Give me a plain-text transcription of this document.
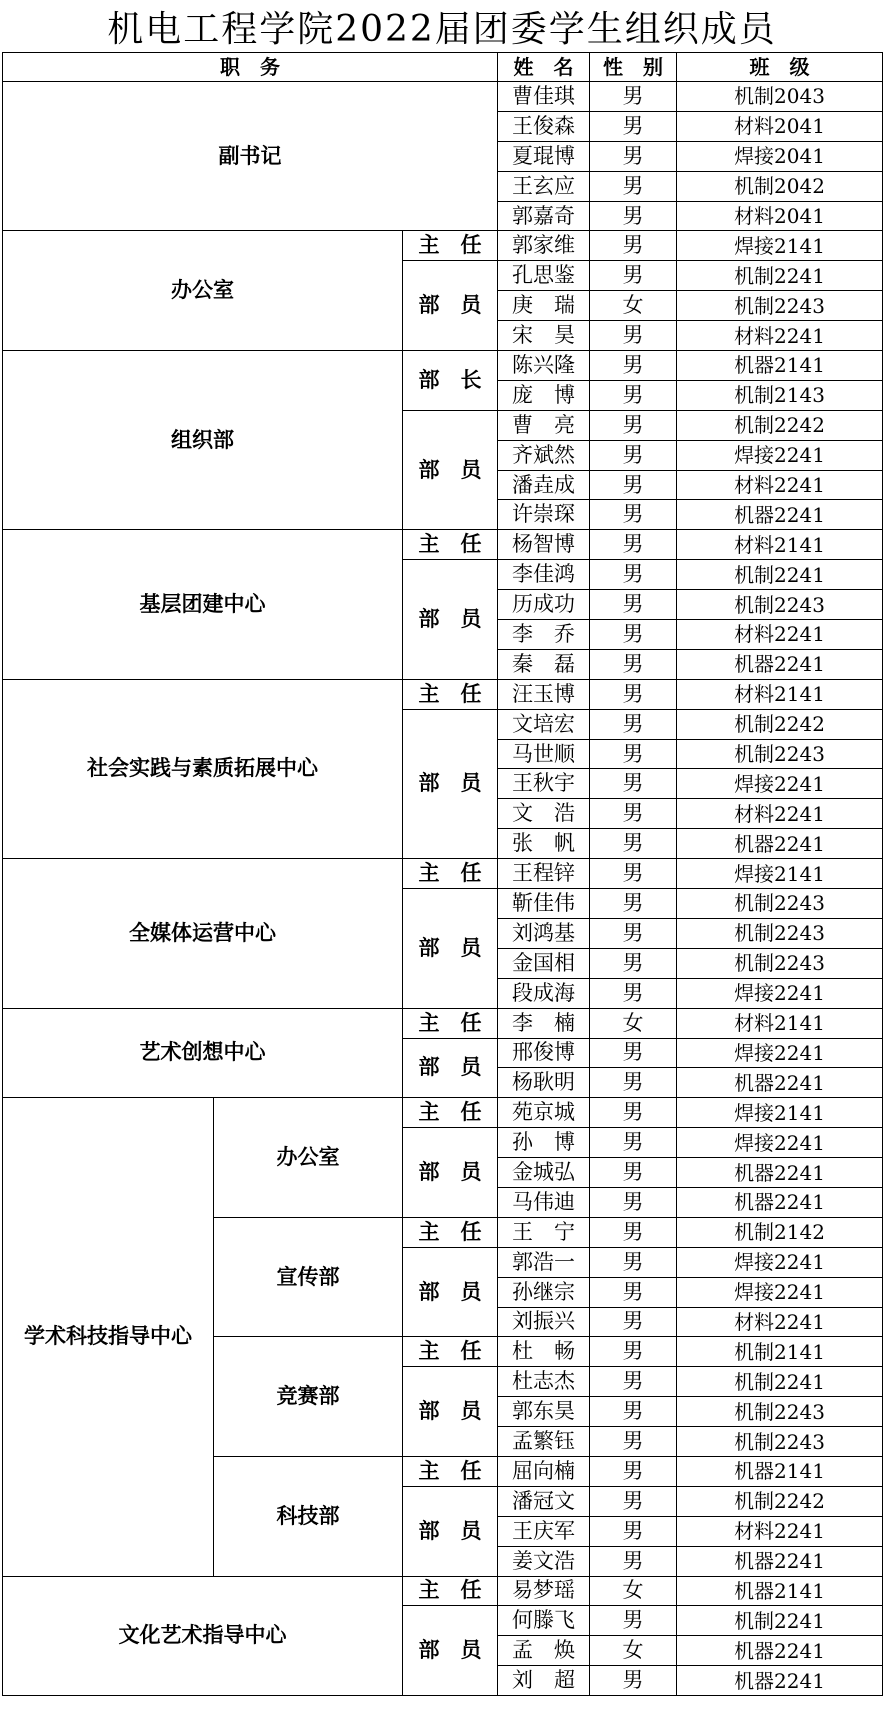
机电工程学院2022届团委学生组织成员
职　务			姓　名	性　别	班　级
副书记			曹佳琪	男	机制2043
			王俊森	男	材料2041
			夏琨博	男	焊接2041
			王玄应	男	机制2042
			郭嘉奇	男	材料2041
办公室		主　任	郭家维	男	焊接2141
		部　员	孔思鉴	男	机制2241
			庚　瑞	女	机制2243
			宋　昊	男	材料2241
组织部		部　长	陈兴隆	男	机器2141
			庞　博	男	机制2143
		部　员	曹　亮	男	机制2242
			齐斌然	男	焊接2241
			潘垚成	男	材料2241
			许崇琛	男	机器2241
基层团建中心		主　任	杨智博	男	材料2141
		部　员	李佳鸿	男	机制2241
			历成功	男	机制2243
			李　乔	男	材料2241
			秦　磊	男	机器2241
社会实践与素质拓展中心		主　任	汪玉博	男	材料2141
		部　员	文培宏	男	机制2242
			马世顺	男	机制2243
			王秋宇	男	焊接2241
			文　浩	男	材料2241
			张　帆	男	机器2241
全媒体运营中心		主　任	王程锌	男	焊接2141
		部　员	靳佳伟	男	机制2243
			刘鸿基	男	机制2243
			金国相	男	机制2243
			段成海	男	焊接2241
艺术创想中心		主　任	李　楠	女	材料2141
		部　员	邢俊博	男	焊接2241
			杨耿明	男	机器2241
学术科技指导中心	办公室	主　任	苑京城	男	焊接2141
		部　员	孙　博	男	焊接2241
			金城弘	男	机器2241
			马伟迪	男	机器2241
	宣传部	主　任	王　宁	男	机制2142
		部　员	郭浩一	男	焊接2241
			孙继宗	男	焊接2241
			刘振兴	男	材料2241
	竞赛部	主　任	杜　畅	男	机制2141
		部　员	杜志杰	男	机制2241
			郭东昊	男	机制2243
			孟繁钰	男	机制2243
	科技部	主　任	屈向楠	男	机器2141
		部　员	潘冠文	男	机制2242
			王庆军	男	材料2241
			姜文浩	男	机器2241
文化艺术指导中心		主　任	易梦瑶	女	机器2141
		部　员	何滕飞	男	机制2241
			孟　焕	女	机器2241
			刘　超	男	机器2241
